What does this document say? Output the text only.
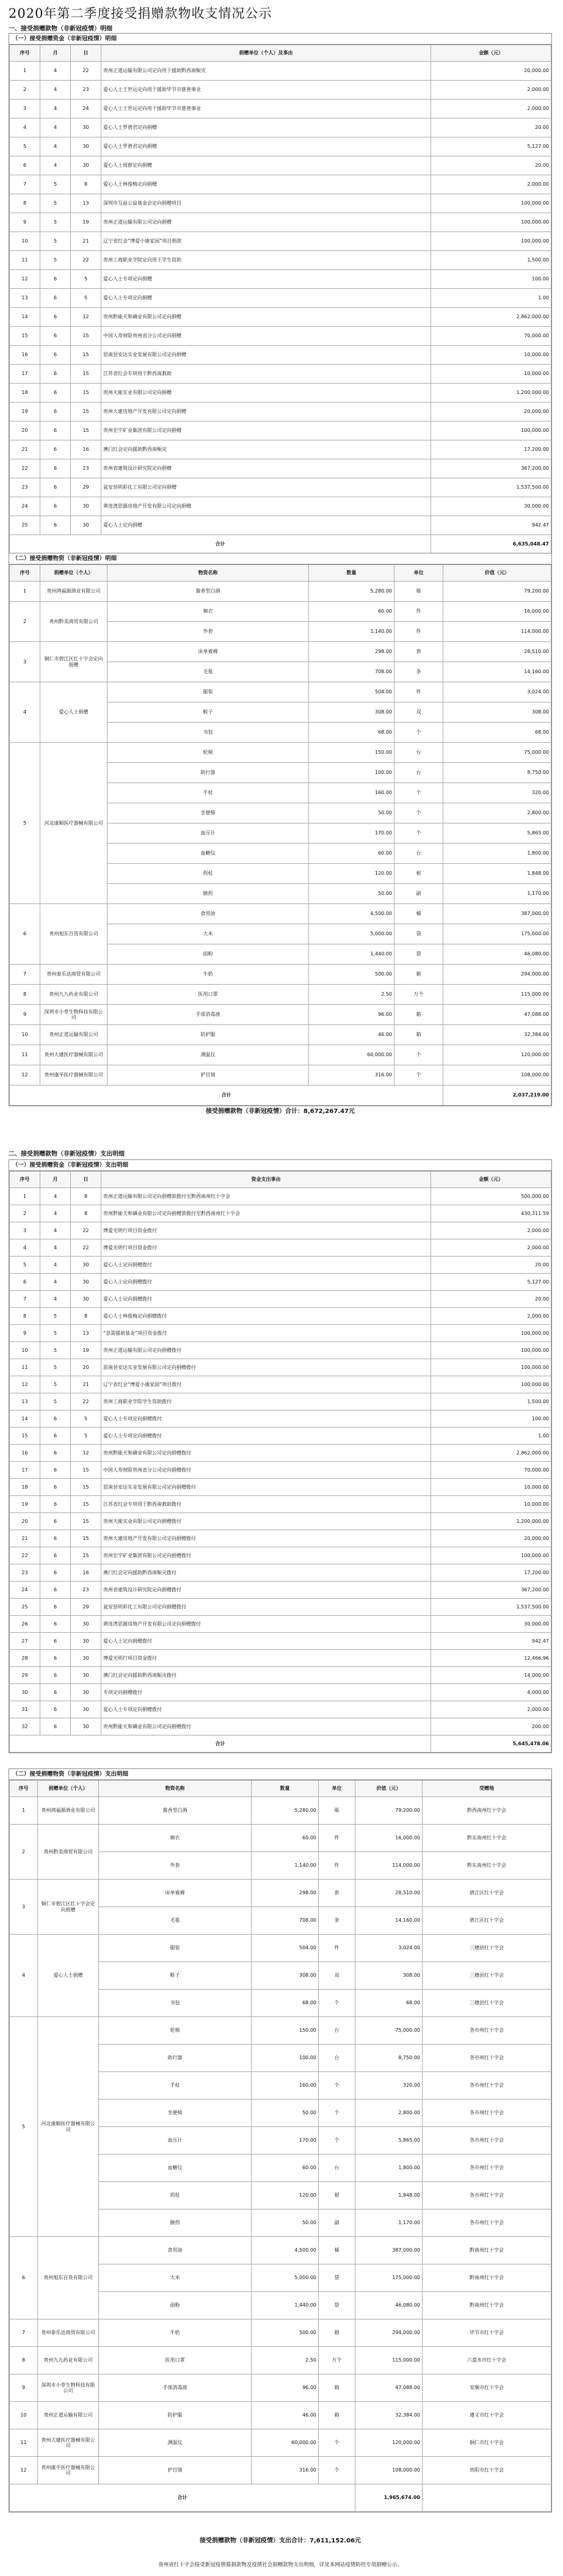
2020年第二季度接受捐赠款物收支情况公示
一、接受捐赠款物（非新冠疫情）明细
（一）接受捐赠资金（非新冠疫情）明细
序号	月	日	捐赠单位（个人）及事由	金额（元）
1	4	22	贵州正道运输有限公司定向用于援助黔西南赈灾	20,000.00
2	4	23	爱心人士王世运定向用于援助毕节市慈善事业	2,000.00
3	4	24	爱心人士王世运定向用于援助毕节市慈善事业	2,000.00
4	4	30	爱心人士罗碧君定向捐赠	20.00
5	4	30	爱心人士罗碧君定向捐赠	5,127.00
6	4	30	爱心人士周群定向捐赠	20.00
7	5	8	爱心人士林俊梅定向捐赠	2,000.00
8	5	13	深圳市互益公益基金会定向捐赠项目	100,000.00
9	5	19	贵州正道运输有限公司定向捐赠	100,000.00
10	5	21	辽宁省红会“博爱小康家园”项目捐款	100,000.00
11	5	22	贵州工商职业学院定向用于学生资助	1,500.00
12	6	5	爱心人士专项定向捐赠	100.00
13	6	5	爱心人士专项定向捐赠	1.00
14	6	12	贵州黔能天和磷业有限公司定向捐赠	2,862,000.00
15	6	15	中国人寿财险贵州省分公司定向捐赠	70,000.00
16	6	15	思南县安达实业发展有限公司定向捐赠	10,000.00
17	6	15	江苏省红会专项用于黔西南救助	10,000.00
18	6	15	贵州天能实业有限公司定向捐赠	1,200,000.00
19	6	15	贵州大建房地产开发有限公司定向捐赠	20,000.00
20	6	15	贵州宏宇矿业集团有限公司定向捐赠	100,000.00
21	6	16	澳门红会定向援助黔西南赈灾	17,200.00
22	6	23	贵州省建筑设计研究院定向捐赠	367,200.00
23	6	29	瓮安县明彩化工有限公司定向捐赠	1,537,500.00
24	6	30	黄连湾思源房地产开发有限公司定向捐赠	30,000.00
25	6	30	爱心人士定向捐赠	942.47
合计				6,635,048.47
（二）接受捐赠物资（非新冠疫情）明细
序号	捐赠单位（个人）	物资名称	数量	单位	价值（元）
1	贵州鸿福源酒业有限公司	酱香型白酒	5,280.00	瓶	79,200.00
2	贵州黔美商贸有限公司	棉衣	60.00	件	16,000.00
		外套	1,140.00	件	114,000.00
3	铜仁市碧江区红十字会定向捐赠	床单被褥	298.00	套	28,510.00
		毛毯	708.00	条	14,160.00
4	爱心人士捐赠	服装	504.00	件	3,024.00
		鞋子	308.00	双	308.00
		书包	68.00	个	68.00
5	河北康顺医疗器械有限公司	轮椅	150.00	台	75,000.00
		助行器	100.00	台	8,750.00
		手杖	160.00	个	320.00
		坐便椅	50.00	个	2,800.00
		血压计	170.00	个	5,865.00
		血糖仪	60.00	台	1,800.00
		拐杖	120.00	根	1,848.00
		腋拐	50.00	副	1,170.00
6	贵州旭东百货有限公司	食用油	4,500.00	桶	387,000.00
		大米	5,000.00	袋	175,000.00
		面粉	1,440.00	袋	46,080.00
7	贵州泰乐达商贸有限公司	牛奶	500.00	箱	294,000.00
8	贵州九九药业有限公司	医用口罩	2.50	万个	115,000.00
9	深圳市小草生物科技有限公司	手部消毒液	96.00	箱	47,088.00
10	贵州正道运输有限公司	防护服	46.00	箱	32,384.00
11	贵州大建医疗器械有限公司	测温仪	60,000.00	个	120,000.00
12	贵州康平医疗器械有限公司	护目镜	316.00	个	108,000.00
合计					2,037,219.00
接受捐赠款物（非新冠疫情）合计：8,672,267.47元
二、接受捐赠款物（非新冠疫情）支出明细
（一）接受捐赠资金（非新冠疫情）支出明细
序号	月	日	资金支出事由	金额（元）
1	4	8	贵州正道运输有限公司定向捐赠款拨付至黔西南州红十字会	500,000.00
2	4	8	贵州黔能天和磷业有限公司定向捐赠款拨付至黔西南州红十字会	430,311.59
3	4	22	博爱光明行项目资金拨付	2,000.00
4	4	22	博爱光明行项目资金拨付	2,000.00
5	4	30	爱心人士定向捐赠拨付	20.00
6	4	30	爱心人士定向捐赠拨付	5,127.00
7	4	30	爱心人士定向捐赠拨付	20.00
8	5	8	爱心人士林俊梅定向捐赠拨付	2,000.00
9	5	13	“急需援助基金”项目资金拨付	100,000.00
10	5	19	贵州正道运输有限公司定向捐赠拨付	100,000.00
11	5	20	思南县安达实业发展有限公司定向捐赠拨付	100,000.00
12	5	21	辽宁省红会“博爱小康家园”项目拨付	100,000.00
13	5	22	贵州工商职业学院学生资助拨付	1,500.00
14	6	5	爱心人士专项定向捐赠拨付	100.00
15	6	5	爱心人士专项定向捐赠拨付	1.00
16	6	12	贵州黔能天和磷业有限公司定向捐赠拨付	2,862,000.00
17	6	15	中国人寿财险贵州省分公司定向捐赠拨付	70,000.00
18	6	15	思南县安达实业发展有限公司定向捐赠拨付	10,000.00
19	6	15	江苏省红会专项用于黔西南救助拨付	10,000.00
20	6	15	贵州天能实业有限公司定向捐赠拨付	1,200,000.00
21	6	15	贵州大建房地产开发有限公司定向捐赠拨付	20,000.00
22	6	15	贵州宏宇矿业集团有限公司定向捐赠拨付	100,000.00
23	6	16	澳门红会定向援助黔西南赈灾拨付	17,200.00
24	6	23	贵州省建筑设计研究院定向捐赠拨付	367,200.00
25	6	29	瓮安县明彩化工有限公司定向捐赠拨付	1,537,500.00
26	6	30	黄连湾思源房地产开发有限公司定向捐赠拨付	30,000.00
27	6	30	爱心人士定向捐赠拨付	942.47
28	6	30	博爱光明行项目资金拨付	12,466.96
29	6	30	澳门红会定向援助黔西南赈灾拨付	14,000.00
30	6	30	专项定向捐赠拨付	4,000.00
31	6	30	爱心人士专项定向捐赠拨付	2,000.00
32	6	30	贵州黔能天和磷业有限公司定向捐赠拨付	200.00
合计				5,645,478.06
（二）接受捐赠物资（非新冠疫情）支出明细
序号	捐赠单位（个人）	物资名称	数量	单位	价值（元）	受赠地
1	贵州鸿福源酒业有限公司	酱香型白酒	5,280.00	瓶	79,200.00	黔西南州红十字会
2	贵州黔美商贸有限公司	棉衣	60.00	件	16,000.00	黔东南州红十字会
		外套	1,140.00	件	114,000.00	黔东南州红十字会
3	铜仁市碧江区红十字会定向捐赠	床单被褥	298.00	套	28,510.00	碧江区红十字会
		毛毯	708.00	条	14,160.00	碧江区红十字会
4	爱心人士捐赠	服装	504.00	件	3,024.00	三穗县红十字会
		鞋子	308.00	双	308.00	三穗县红十字会
		书包	68.00	个	68.00	三穗县红十字会
5	河北康顺医疗器械有限公司	轮椅	150.00	台	75,000.00	各市州红十字会
		助行器	100.00	台	8,750.00	各市州红十字会
		手杖	160.00	个	320.00	各市州红十字会
		坐便椅	50.00	个	2,800.00	各市州红十字会
		血压计	170.00	个	5,865.00	各市州红十字会
		血糖仪	60.00	台	1,800.00	各市州红十字会
		拐杖	120.00	根	1,848.00	各市州红十字会
		腋拐	50.00	副	1,170.00	各市州红十字会
6	贵州旭东百货有限公司	食用油	4,500.00	桶	387,000.00	黔南州红十字会
		大米	5,000.00	袋	175,000.00	黔南州红十字会
		面粉	1,440.00	袋	46,080.00	黔南州红十字会
7	贵州泰乐达商贸有限公司	牛奶	500.00	箱	294,000.00	毕节市红十字会
8	贵州九九药业有限公司	医用口罩	2.50	万个	115,000.00	六盘水市红十字会
9	深圳市小草生物科技有限公司	手部消毒液	96.00	箱	47,088.00	安顺市红十字会
10	贵州正道运输有限公司	防护服	46.00	箱	32,384.00	遵义市红十字会
11	贵州大建医疗器械有限公司	测温仪	60,000.00	个	120,000.00	铜仁市红十字会
12	贵州康平医疗器械有限公司	护目镜	316.00	个	108,000.00	贵阳市红十字会
合计					1,965,674.00	
接受捐赠款物（非新冠疫情）支出合计：7,611,152.06元
贵州省红十字会接受新冠疫情募捐款物及疫情社会捐赠款物支出明细，详见本网站疫情防控专项捐赠公示。
